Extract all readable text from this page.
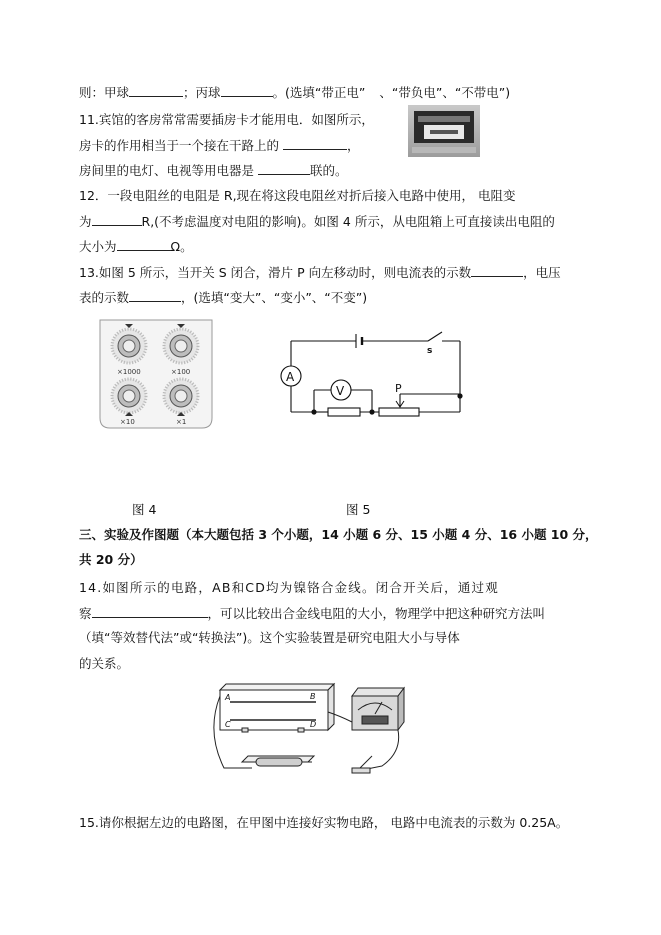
则：甲球	；丙球	。(选填“带正电” 、“带负电”、“不带电”)
11.宾馆的客房常常需要插房卡才能用电．如图所示，
房卡的作用相当于一个接在干路上的	，
房间里的电灯、电视等用电器是	联的。
12．一段电阻丝的电阻是 R,现在将这段电阻丝对折后接入电路中使用， 电阻变
为	R,(不考虑温度对电阻的影响)。如图 4 所示，从电阻箱上可直接读出电阻的
大小为	Ω。
13.如图 5 所示，当开关 S 闭合，滑片 P 向左移动时，则电流表的示数	，电压
表的示数	，(选填“变大”、“变小”、“不变”)
×1000	×100
×10	×1
A
V
s
P
图 4	图 5
三、实验及作图题（本大题包括 3 个小题，14 小题 6 分、15 小题 4 分、16 小题 10 分，
共 20 分）
14.如图所示的电路，AB和CD均为镍铬合金线。闭合开关后，通过观
察	，可以比较出合金线电阻的大小，物理学中把这种研究方法叫
（填“等效替代法”或“转换法”)。这个实验装置是研究电阻大小与导体
的关系。
A	B
C	D
15.请你根据左边的电路图，在甲图中连接好实物电路， 电路中电流表的示数为 0.25A。
